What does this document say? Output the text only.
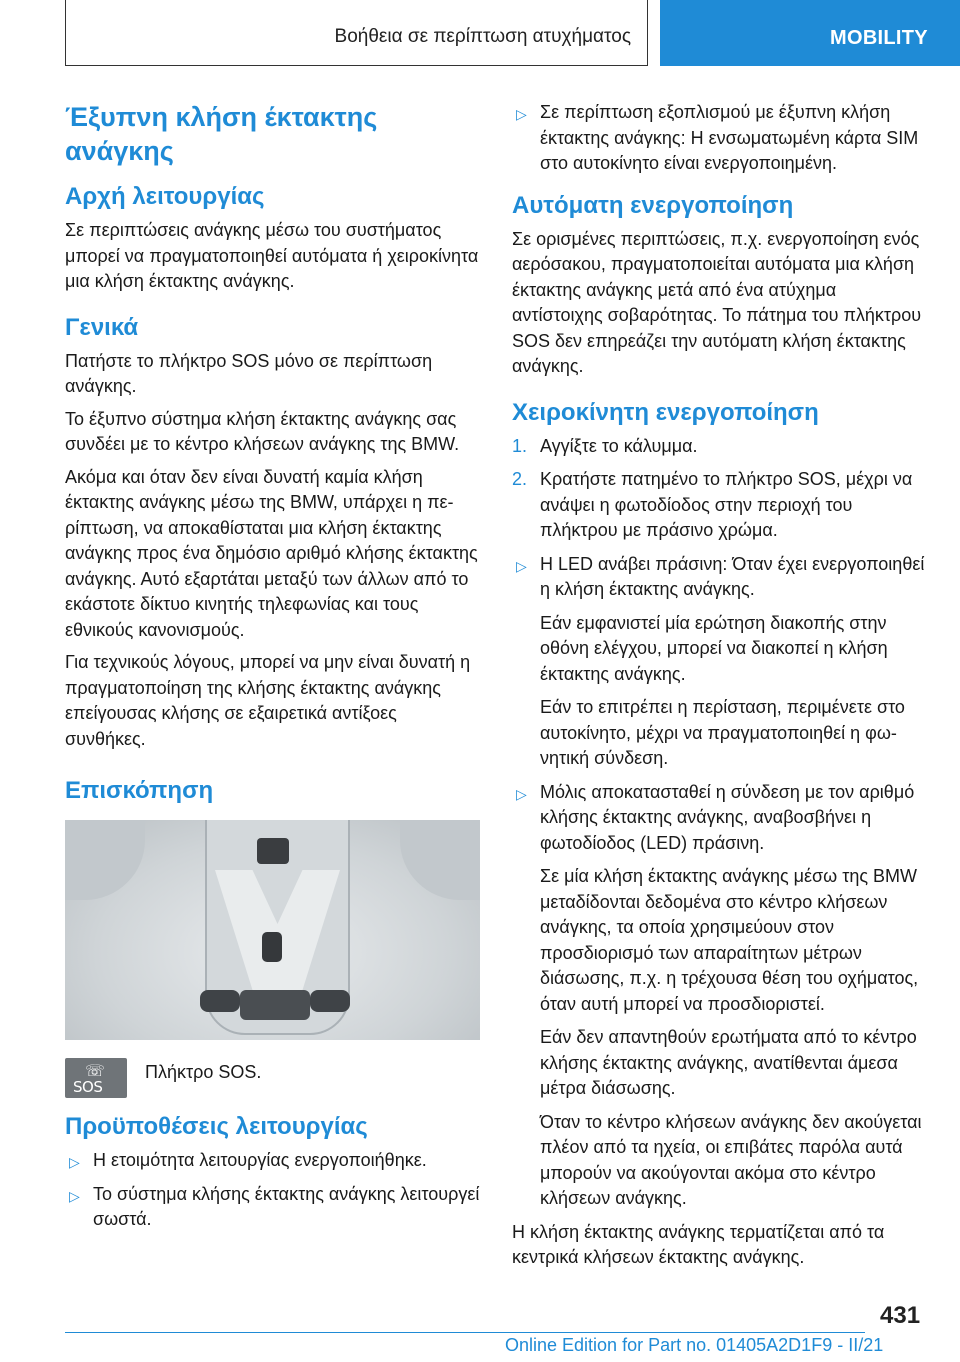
Βοήθεια σε περίπτωση ατυχήματος	MOBILITY
Έξυπνη κλήση έκτακτης ανάγκης
Αρχή λειτουργίας

Σε περιπτώσεις ανάγκης μέσω του συστήματος μπορεί να πραγματοποιηθεί αυτόματα ή χειροκίνητα μια κλήση έκτακτης ανάγκης.

Γενικά

Πατήστε το πλήκτρο SOS μόνο σε περίπτωση ανάγκης.

Το έξυπνο σύστημα κλήση έκτακτης ανάγκης σας συνδέει με το κέντρο κλήσεων ανάγκης της BMW.

Ακόμα και όταν δεν είναι δυνατή καμία κλήση έκτακτης ανάγκης μέσω της BMW, υπάρχει η περίπτωση, να αποκαθίσταται μια κλήση έκτακτης ανάγκης προς ένα δημόσιο αριθμό κλήσης έκτακτης ανάγκης. Αυτό εξαρτάται μεταξύ των άλλων από το εκάστοτε δίκτυο κινητής τηλεφωνίας και τους εθνικούς κανονισμούς.

Για τεχνικούς λόγους, μπορεί να μην είναι δυνατή η πραγματοποίηση της κλήσης έκτακτης ανάγκης επείγουσας κλήσης σε εξαιρετικά αντίξοες συνθήκες.

Επισκόπηση
☏
SOS
Πλήκτρο SOS.
Προϋποθέσεις λειτουργίας
▷ Η ετοιμότητα λειτουργίας ενεργοποιήθηκε.
▷ Το σύστημα κλήσης έκτακτης ανάγκης λειτουργεί σωστά.
▷ Σε περίπτωση εξοπλισμού με έξυπνη κλήση έκτακτης ανάγκης: Η ενσωματωμένη κάρτα SIM στο αυτοκίνητο είναι ενεργοποιημένη.
Αυτόματη ενεργοποίηση

Σε ορισμένες περιπτώσεις, π.χ. ενεργοποίηση ενός αερόσακου, πραγματοποιείται αυτόματα μια κλήση έκτακτης ανάγκης μετά από ένα ατύχημα αντίστοιχης σοβαρότητας. Το πάτημα του πλήκτρου SOS δεν επηρεάζει την αυτόματη κλήση έκτακτης ανάγκης.

Χειροκίνητη ενεργοποίηση
1. Αγγίξτε το κάλυμμα.
2. Κρατήστε πατημένο το πλήκτρο SOS, μέχρι να ανάψει η φωτοδίοδος στην περιοχή του πλήκτρου με πράσινο χρώμα.
▷ Η LED ανάβει πράσινη: Όταν έχει ενεργοποιηθεί η κλήση έκτακτης ανάγκης.
Εάν εμφανιστεί μία ερώτηση διακοπής στην οθόνη ελέγχου, μπορεί να διακοπεί η κλήση έκτακτης ανάγκης.
Εάν το επιτρέπει η περίσταση, περιμένετε στο αυτοκίνητο, μέχρι να πραγματοποιηθεί η φωνητική σύνδεση.
▷ Μόλις αποκατασταθεί η σύνδεση με τον αριθμό κλήσης έκτακτης ανάγκης, αναβοσβήνει η φωτοδίοδος (LED) πράσινη.
Σε μία κλήση έκτακτης ανάγκης μέσω της BMW μεταδίδονται δεδομένα στο κέντρο κλήσεων ανάγκης, τα οποία χρησιμεύουν στον προσδιορισμό των απαραίτητων μέτρων διάσωσης, π.χ. η τρέχουσα θέση του οχήματος, όταν αυτή μπορεί να προσδιοριστεί.
Εάν δεν απαντηθούν ερωτήματα από το κέντρο κλήσης έκτακτης ανάγκης, ανατίθενται άμεσα μέτρα διάσωσης.
Όταν το κέντρο κλήσεων ανάγκης δεν ακούγεται πλέον από τα ηχεία, οι επιβάτες παρόλα αυτά μπορούν να ακούγονται ακόμα στο κέντρο κλήσεων ανάγκης.

Η κλήση έκτακτης ανάγκης τερματίζεται από τα κεντρικά κλήσεων έκτακτης ανάγκης.

431
Online Edition for Part no. 01405A2D1F9 - II/21
